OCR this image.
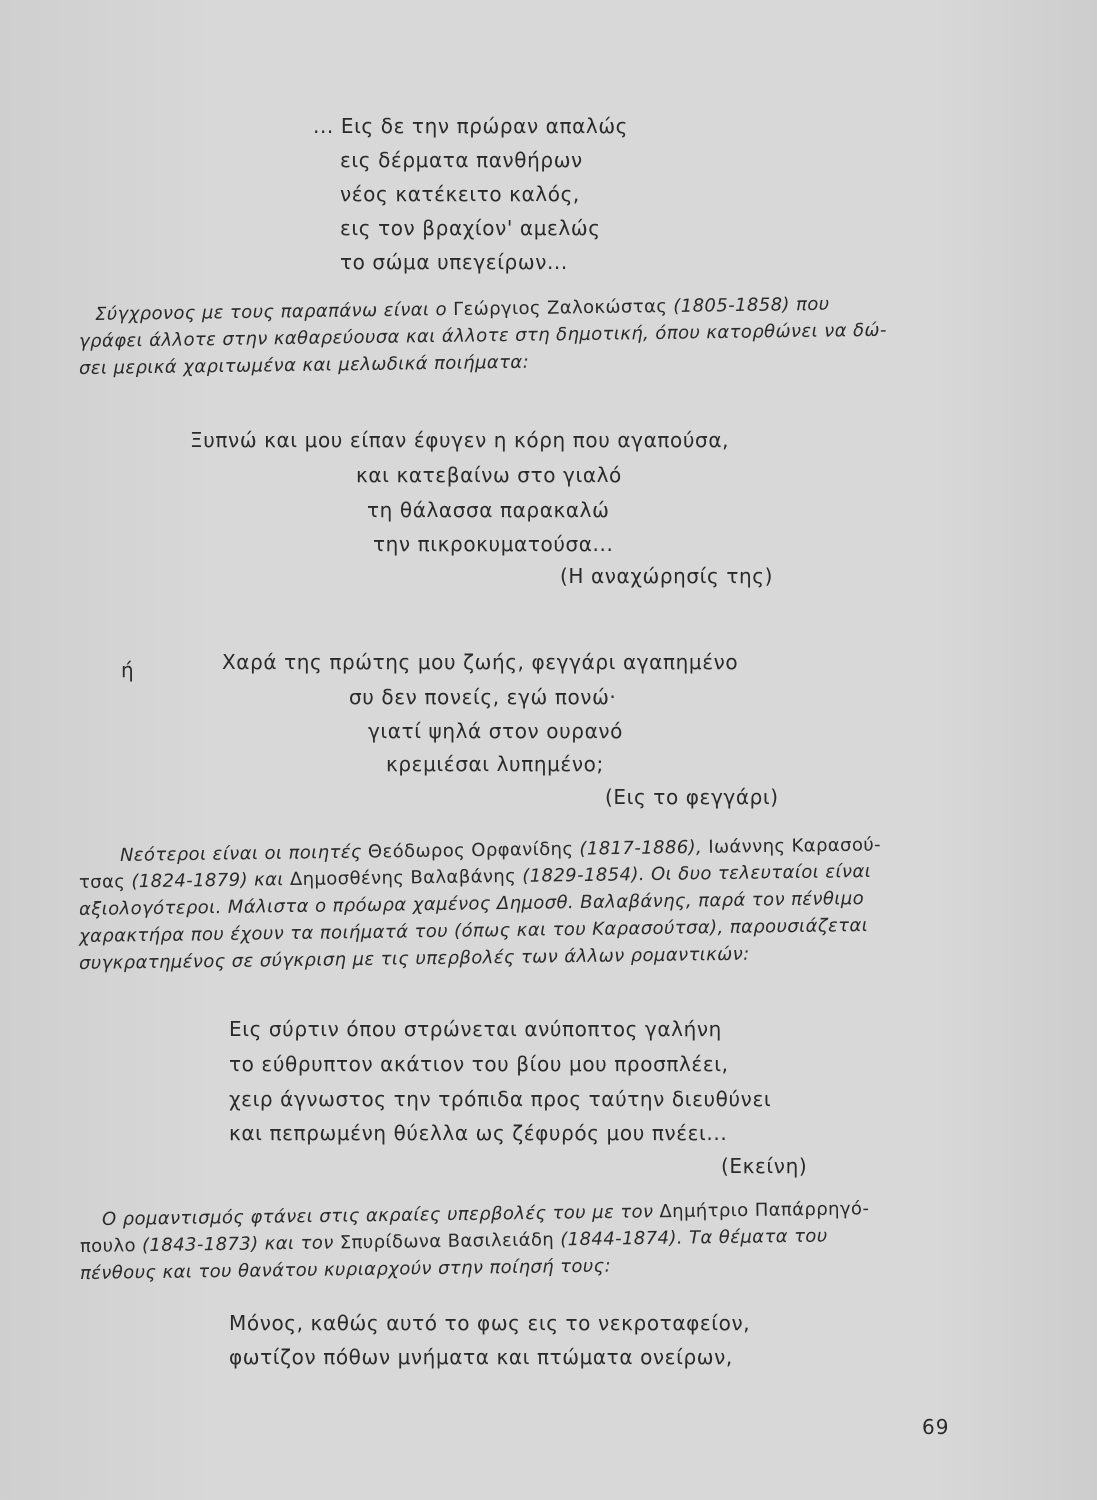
... Εις δε την πρώραν απαλώς
εις δέρματα πανθήρων
νέος κατέκειτο καλός,
εις τον βραχίον' αμελώς
το σώμα υπεγείρων...
Σύγχρονος με τους παραπάνω είναι ο Γεώργιος Ζαλοκώστας (1805-1858) που
γράφει άλλοτε στην καθαρεύουσα και άλλοτε στη δημοτική, όπου κατορθώνει να δώ-
σει μερικά χαριτωμένα και μελωδικά ποιήματα:
Ξυπνώ και μου είπαν έφυγεν η κόρη που αγαπούσα,
και κατεβαίνω στο γιαλό
τη θάλασσα παρακαλώ
την πικροκυματούσα...
(Η αναχώρησίς της)
ή	Χαρά της πρώτης μου ζωής, φεγγάρι αγαπημένο
συ δεν πονείς, εγώ πονώ·
γιατί ψηλά στον ουρανό
κρεμιέσαι λυπημένο;
(Εις το φεγγάρι)
Νεότεροι είναι οι ποιητές Θεόδωρος Ορφανίδης (1817-1886), Ιωάννης Καρασού-
τσας (1824-1879) και Δημοσθένης Βαλαβάνης (1829-1854). Οι δυο τελευταίοι είναι
αξιολογότεροι. Μάλιστα ο πρόωρα χαμένος Δημοσθ. Βαλαβάνης, παρά τον πένθιμο
χαρακτήρα που έχουν τα ποιήματά του (όπως και του Καρασούτσα), παρουσιάζεται
συγκρατημένος σε σύγκριση με τις υπερβολές των άλλων ρομαντικών:
Εις σύρτιν όπου στρώνεται ανύποπτος γαλήνη
το εύθρυπτον ακάτιον του βίου μου προσπλέει,
χειρ άγνωστος την τρόπιδα προς ταύτην διευθύνει
και πεπρωμένη θύελλα ως ζέφυρός μου πνέει...
(Εκείνη)
Ο ρομαντισμός φτάνει στις ακραίες υπερβολές του με τον Δημήτριο Παπάρρηγό-
πουλο (1843-1873) και τον Σπυρίδωνα Βασιλειάδη (1844-1874). Τα θέματα του
πένθους και του θανάτου κυριαρχούν στην ποίησή τους:
Μόνος, καθώς αυτό το φως εις το νεκροταφείον,
φωτίζον πόθων μνήματα και πτώματα ονείρων,
69
